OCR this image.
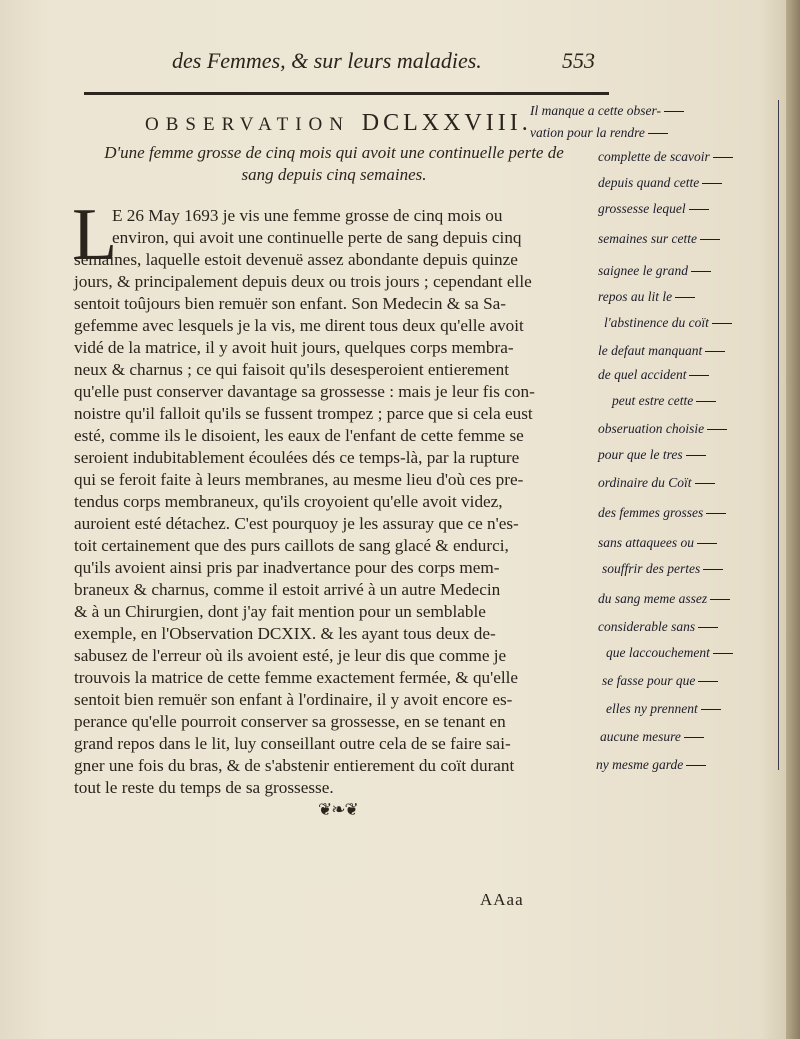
des Femmes, & sur leurs maladies.	553
OBSERVATION DCLXXVIII.
D'une femme grosse de cinq mois qui avoit une continuelle perte de
sang depuis cinq semaines.
L
E 26 May 1693 je vis une femme grosse de cinq mois ou
environ, qui avoit une continuelle perte de sang depuis cinq
semaines, laquelle estoit devenuë assez abondante depuis quinze
jours, & principalement depuis deux ou trois jours ; cependant elle
sentoit toûjours bien remuër son enfant. Son Medecin & sa Sa-
gefemme avec lesquels je la vis, me dirent tous deux qu'elle avoit
vidé de la matrice, il y avoit huit jours, quelques corps membra-
neux & charnus ; ce qui faisoit qu'ils desesperoient entierement
qu'elle pust conserver davantage sa grossesse : mais je leur fis con-
noistre qu'il falloit qu'ils se fussent trompez ; parce que si cela eust
esté, comme ils le disoient, les eaux de l'enfant de cette femme se
seroient indubitablement écoulées dés ce temps-là, par la rupture
qui se feroit faite à leurs membranes, au mesme lieu d'où ces pre-
tendus corps membraneux, qu'ils croyoient qu'elle avoit videz,
auroient esté détachez. C'est pourquoy je les assuray que ce n'es-
toit certainement que des purs caillots de sang glacé & endurci,
qu'ils avoient ainsi pris par inadvertance pour des corps mem-
braneux & charnus, comme il estoit arrivé à un autre Medecin
& à un Chirurgien, dont j'ay fait mention pour un semblable
exemple, en l'Observation DCXIX. & les ayant tous deux de-
sabusez de l'erreur où ils avoient esté, je leur dis que comme je
trouvois la matrice de cette femme exactement fermée, & qu'elle
sentoit bien remuër son enfant à l'ordinaire, il y avoit encore es-
perance qu'elle pourroit conserver sa grossesse, en se tenant en
grand repos dans le lit, luy conseillant outre cela de se faire sai-
gner une fois du bras, & de s'abstenir entierement du coït durant
tout le reste du temps de sa grossesse.
❦❧❦
AAaa
Il manque a cette obser-
vation pour la rendre
complette de scavoir
depuis quand cette
grossesse lequel
semaines sur cette
saignee le grand
repos au lit le
l'abstinence du coït
le defaut manquant
de quel accident
peut estre cette
obseruation choisie
pour que le tres
ordinaire du Coït
des femmes grosses
sans attaquees ou
souffrir des pertes
du sang meme assez
considerable sans
que laccouchement
se fasse pour que
elles ny prennent
aucune mesure
ny mesme garde
